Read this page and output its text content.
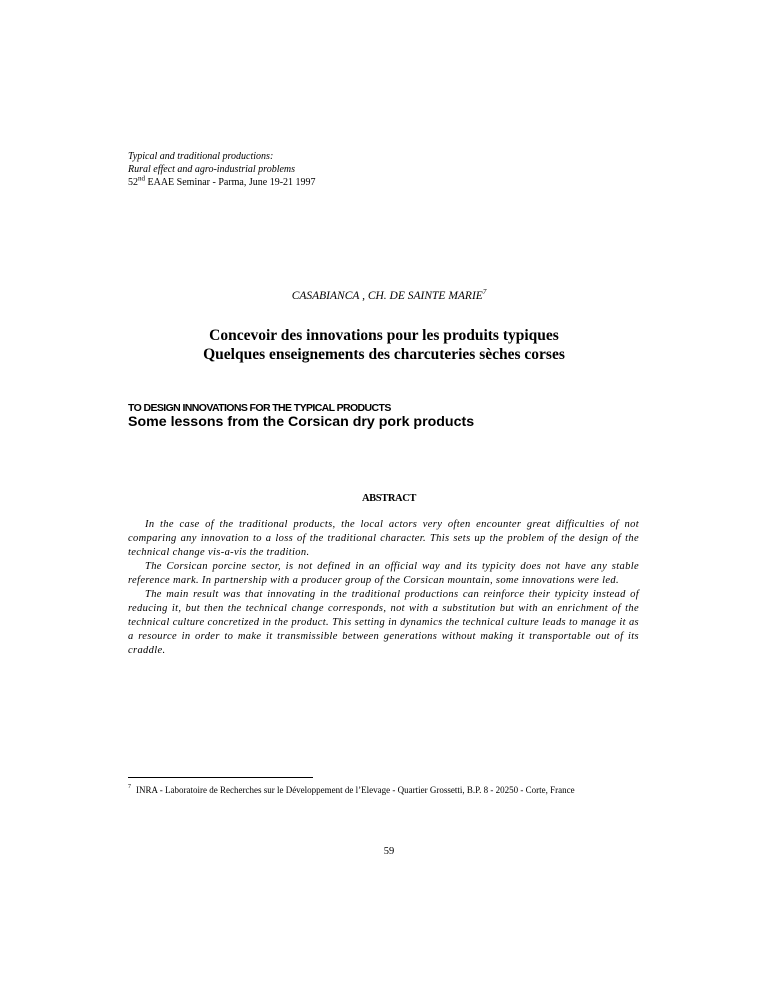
Typical and traditional productions:
Rural effect and agro-industrial problems
52nd EAAE Seminar - Parma, June 19-21 1997
CASABIANCA , CH. DE SAINTE MARIE$^7$
Concevoir des innovations pour les produits typiques
Quelques enseignements des charcuteries sèches corses
TO DESIGN INNOVATIONS FOR THE TYPICAL PRODUCTS
Some lessons from the Corsican dry pork products
ABSTRACT

In the case of the traditional products, the local actors very often encounter great difficulties of not comparing any innovation to a loss of the traditional character. This sets up the problem of the design of the technical change vis-a-vis the tradition.

The Corsican porcine sector, is not defined in an official way and its typicity does not have any stable reference mark. In partnership with a producer group of the Corsican mountain, some innovations were led.

The main result was that innovating in the traditional productions can reinforce their typicity instead of reducing it, but then the technical change corresponds, not with a substitution but with an enrichment of the technical culture concretized in the product. This setting in dynamics the technical culture leads to manage it as a resource in order to make it transmissible between generations without making it transportable out of its craddle.

7 INRA - Laboratoire de Recherches sur le Développement de l’Elevage - Quartier Grossetti, B.P. 8 - 20250 - Corte, France
59
